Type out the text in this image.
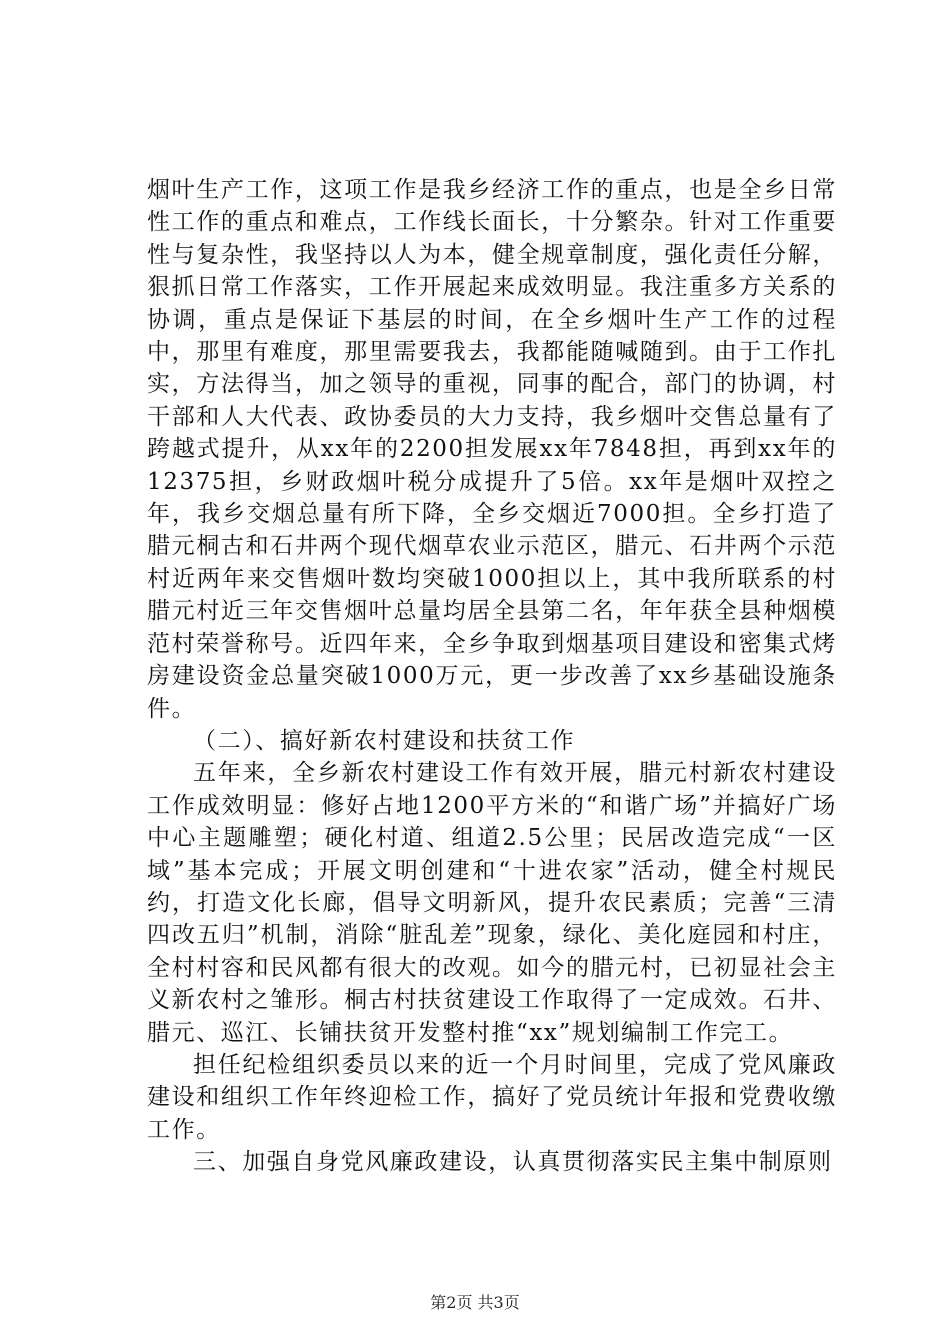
烟叶生产工作，这项工作是我乡经济工作的重点，也是全乡日常性工作的重点和难点，工作线长面长，十分繁杂。针对工作重要性与复杂性，我坚持以人为本，健全规章制度，强化责任分解，狠抓日常工作落实，工作开展起来成效明显。我注重多方关系的协调，重点是保证下基层的时间，在全乡烟叶生产工作的过程中，那里有难度，那里需要我去，我都能随喊随到。由于工作扎实，方法得当，加之领导的重视，同事的配合，部门的协调，村干部和人大代表、政协委员的大力支持，我乡烟叶交售总量有了跨越式提升，从xx年的2200担发展xx年7848担，再到xx年的12375担，乡财政烟叶税分成提升了5倍。xx年是烟叶双控之年，我乡交烟总量有所下降，全乡交烟近7000担。全乡打造了腊元桐古和石井两个现代烟草农业示范区，腊元、石井两个示范村近两年来交售烟叶数均突破1000担以上，其中我所联系的村腊元村近三年交售烟叶总量均居全县第二名，年年获全县种烟模范村荣誉称号。近四年来，全乡争取到烟基项目建设和密集式烤房建设资金总量突破1000万元，更一步改善了xx乡基础设施条件。

（二）、搞好新农村建设和扶贫工作

五年来，全乡新农村建设工作有效开展，腊元村新农村建设工作成效明显：修好占地1200平方米的“和谐广场”并搞好广场中心主题雕塑；硬化村道、组道2.5公里；民居改造完成“一区域”基本完成；开展文明创建和“十进农家”活动，健全村规民约，打造文化长廊，倡导文明新风，提升农民素质；完善“三清四改五归”机制，消除“脏乱差”现象，绿化、美化庭园和村庄，全村村容和民风都有很大的改观。如今的腊元村，已初显社会主义新农村之雏形。桐古村扶贫建设工作取得了一定成效。石井、腊元、巡江、长铺扶贫开发整村推“xx”规划编制工作完工。

担任纪检组织委员以来的近一个月时间里，完成了党风廉政建设和组织工作年终迎检工作，搞好了党员统计年报和党费收缴工作。

三、加强自身党风廉政建设，认真贯彻落实民主集中制原则

第2页 共3页
